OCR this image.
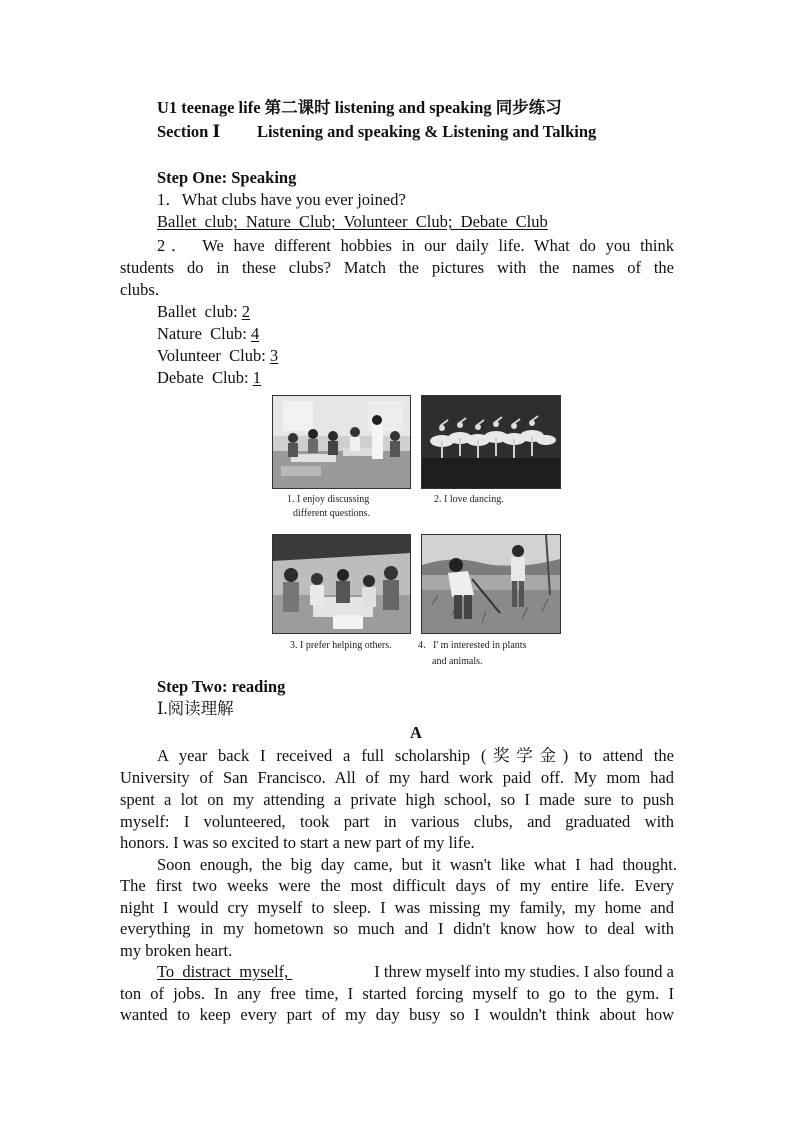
U1 teenage life 第二课时 listening and speaking 同步练习
Section Ⅰ Listening and speaking & Listening and Talking
Step One: Speaking
1．What clubs have you ever joined?
Ballet  club;  Nature  Club;  Volunteer  Club;  Debate  Club
2． We have different hobbies in our daily life. What do you think
students do in these clubs? Match the pictures with the names of the
clubs.
Ballet  club: 2
Nature  Club: 4
Volunteer  Club: 3
Debate  Club: 1
1. I enjoy discussing
different questions.
2. I love dancing.
3. I prefer helping others.	4．I' m interested in plants
and animals.
Step Two: reading
Ⅰ.阅读理解
A
A year back I received a full scholarship (奖学金) to attend the
University of San Francisco. All of my hard work paid off. My mom had
spent a lot on my attending a private high school, so I made sure to push
myself: I volunteered, took part in various clubs, and graduated with
honors. I was so excited to start a new part of my life.
Soon enough, the big day came, but it wasn't like what I had thought.
The first two weeks were the most difficult days of my entire life. Every
night I would cry myself to sleep. I was missing my family, my home and
everything in my hometown so much and I didn't know how to deal with
my broken heart.
To  distract  myself,	I threw myself into my studies. I also found a
ton of jobs. In any free time, I started forcing myself to go to the gym. I
wanted to keep every part of my day busy so I wouldn't think about how
